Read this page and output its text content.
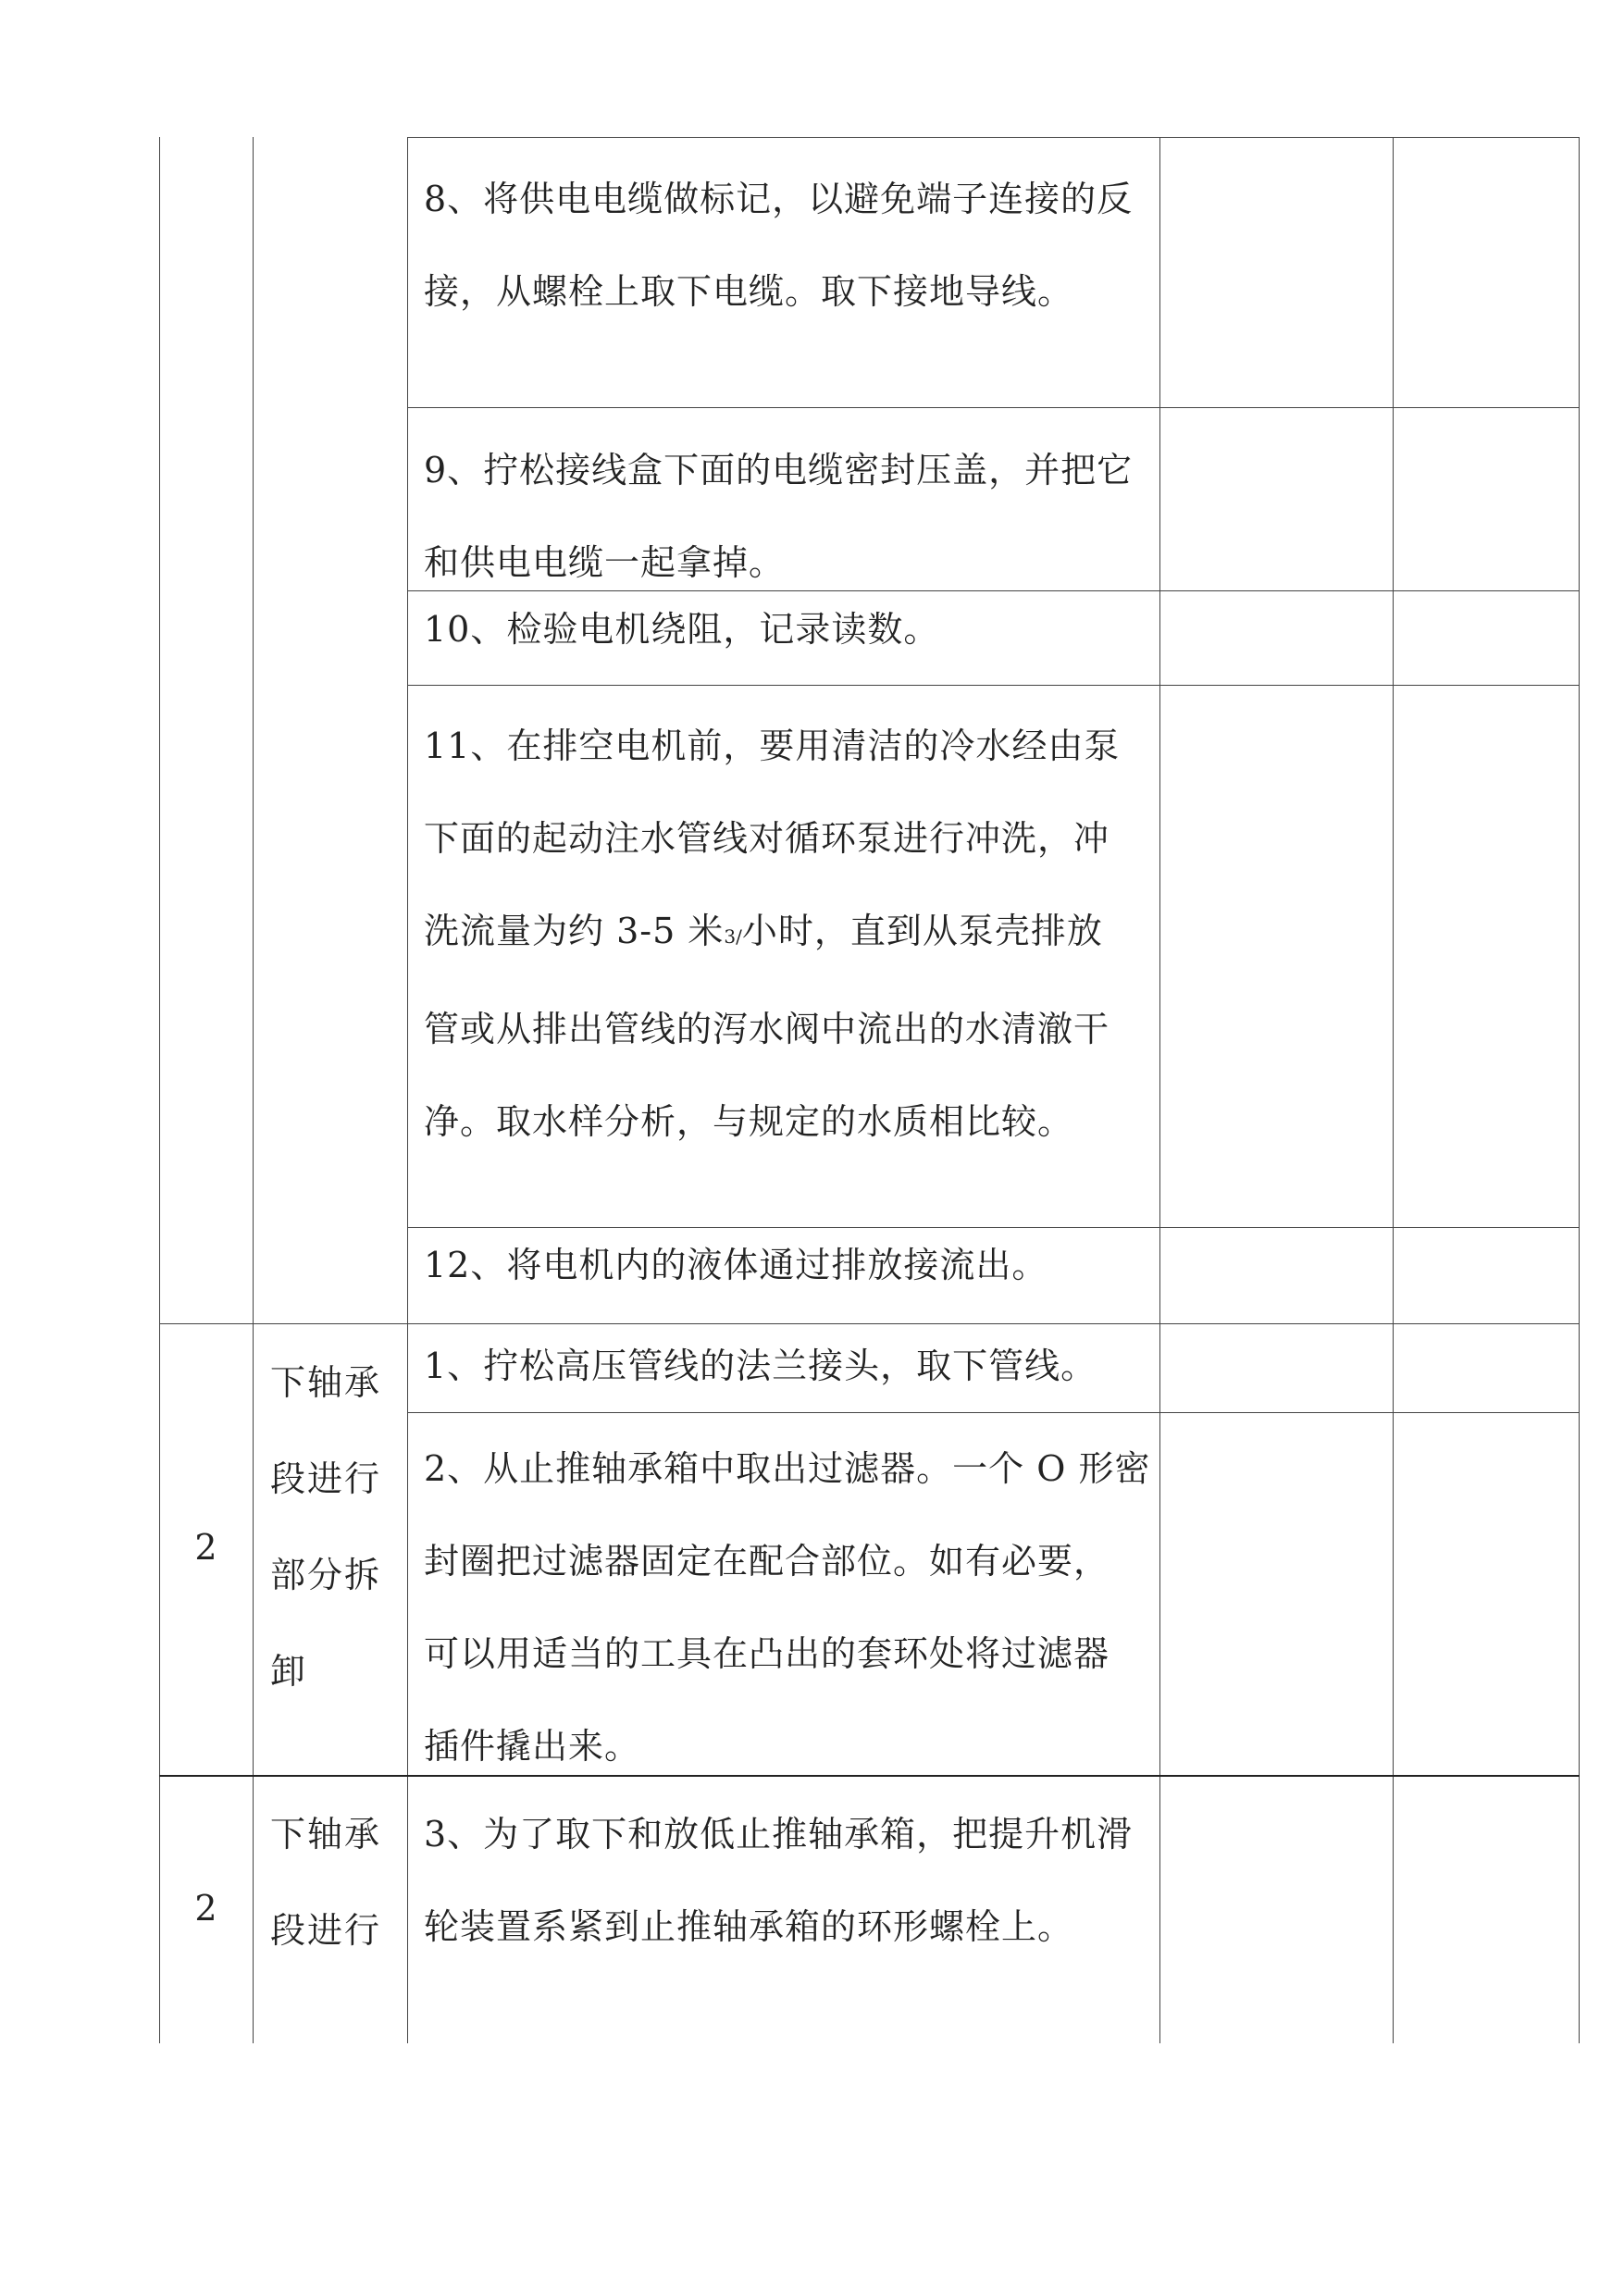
8、将供电电缆做标记，以避免端子连接的反
接，从螺栓上取下电缆。取下接地导线。
9、拧松接线盒下面的电缆密封压盖，并把它
和供电电缆一起拿掉。
10、检验电机绕阻，记录读数。
11、在排空电机前，要用清洁的冷水经由泵
下面的起动注水管线对循环泵进行冲洗，冲
洗流量为约 3-5 米3/小时，直到从泵壳排放
管或从排出管线的泻水阀中流出的水清澈干
净。取水样分析，与规定的水质相比较。
12、将电机内的液体通过排放接流出。
2
下轴承
段进行
部分拆
卸
1、拧松高压管线的法兰接头，取下管线。
2、从止推轴承箱中取出过滤器。一个 O 形密
封圈把过滤器固定在配合部位。如有必要，
可以用适当的工具在凸出的套环处将过滤器
插件撬出来。
2
下轴承
段进行
3、为了取下和放低止推轴承箱，把提升机滑
轮装置系紧到止推轴承箱的环形螺栓上。
